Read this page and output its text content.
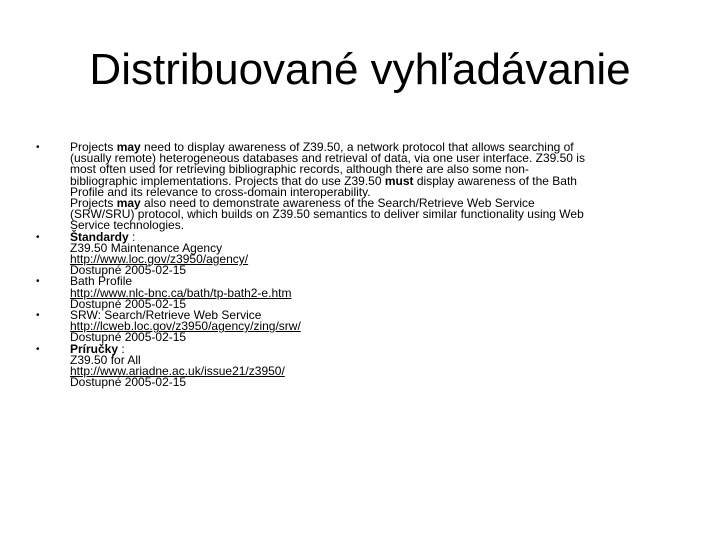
Distribuované vyhľadávanie
•	Projects may need to display awareness of Z39.50, a network protocol that allows searching of
(usually remote) heterogeneous databases and retrieval of data, via one user interface. Z39.50 is
most often used for retrieving bibliographic records, although there are also some non-
bibliographic implementations. Projects that do use Z39.50 must display awareness of the Bath
Profile and its relevance to cross-domain interoperability.
Projects may also need to demonstrate awareness of the Search/Retrieve Web Service
(SRW/SRU) protocol, which builds on Z39.50 semantics to deliver similar functionality using Web
Service technologies.
•	Štandardy :
Z39.50 Maintenance Agency
http://www.loc.gov/z3950/agency/
Dostupné 2005-02-15
•	Bath Profile
http://www.nlc-bnc.ca/bath/tp-bath2-e.htm
Dostupné 2005-02-15
•	SRW: Search/Retrieve Web Service
http://lcweb.loc.gov/z3950/agency/zing/srw/
Dostupné 2005-02-15
•	Príručky :
Z39.50 for All
http://www.ariadne.ac.uk/issue21/z3950/
Dostupné 2005-02-15
